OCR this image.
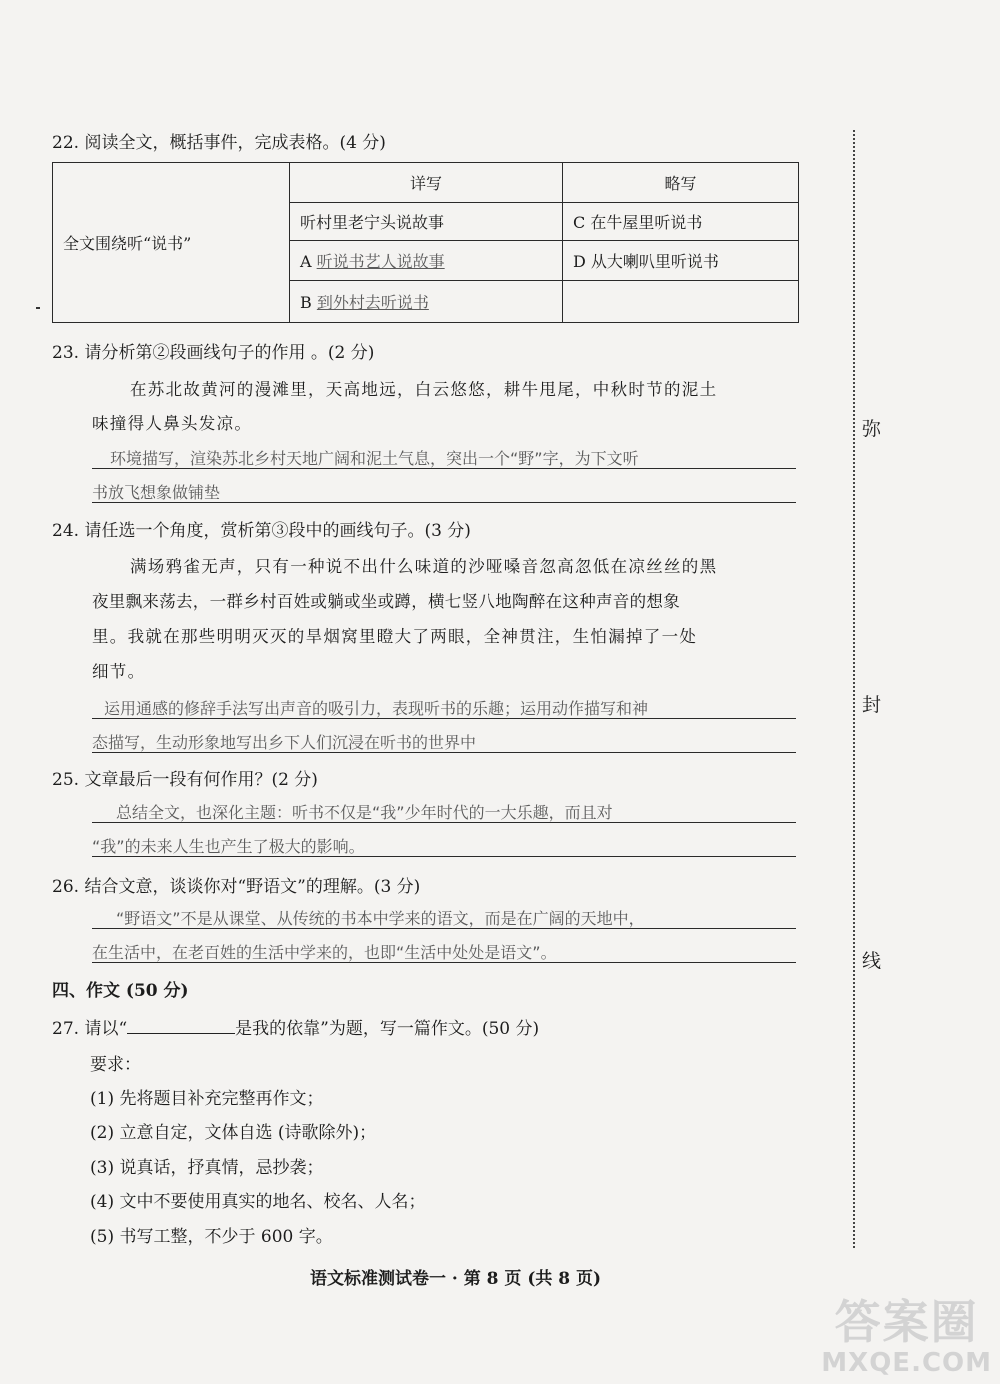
22. 阅读全文，概括事件，完成表格。(4 分)
全文围绕听“说书”	详写	略写
	听村里老宁头说故事	C 在牛屋里听说书
	A 听说书艺人说故事	D 从大喇叭里听说书
	B 到外村去听说书	
23. 请分析第②段画线句子的作用 。(2 分)
在苏北故黄河的漫滩里，天高地远，白云悠悠，耕牛甩尾，中秋时节的泥土
味撞得人鼻头发凉。
环境描写，渲染苏北乡村天地广阔和泥土气息，突出一个“野”字，为下文听
书放飞想象做铺垫
24. 请任选一个角度，赏析第③段中的画线句子。(3 分)
满场鸦雀无声，只有一种说不出什么味道的沙哑嗓音忽高忽低在凉丝丝的黑
夜里飘来荡去，一群乡村百姓或躺或坐或蹲，横七竖八地陶醉在这种声音的想象
里。我就在那些明明灭灭的旱烟窝里瞪大了两眼，全神贯注，生怕漏掉了一处
细节。
运用通感的修辞手法写出声音的吸引力，表现听书的乐趣；运用动作描写和神
态描写，生动形象地写出乡下人们沉浸在听书的世界中
25. 文章最后一段有何作用？(2 分)
总结全文，也深化主题：听书不仅是“我”少年时代的一大乐趣，而且对
“我”的未来人生也产生了极大的影响。
26. 结合文意，谈谈你对“野语文”的理解。(3 分)
“野语文”不是从课堂、从传统的书本中学来的语文，而是在广阔的天地中，
在生活中，在老百姓的生活中学来的，也即“生活中处处是语文”。
四、作文 (50 分)
27. 请以“	是我的依靠”为题，写一篇作文。(50 分)
要求：
(1) 先将题目补充完整再作文；
(2) 立意自定，文体自选 (诗歌除外)；
(3) 说真话，抒真情，忌抄袭；
(4) 文中不要使用真实的地名、校名、人名；
(5) 书写工整，不少于 600 字。
语文标准测试卷一 · 第 8 页 (共 8 页)
弥
封
线
答案圈
MXQE.COM
